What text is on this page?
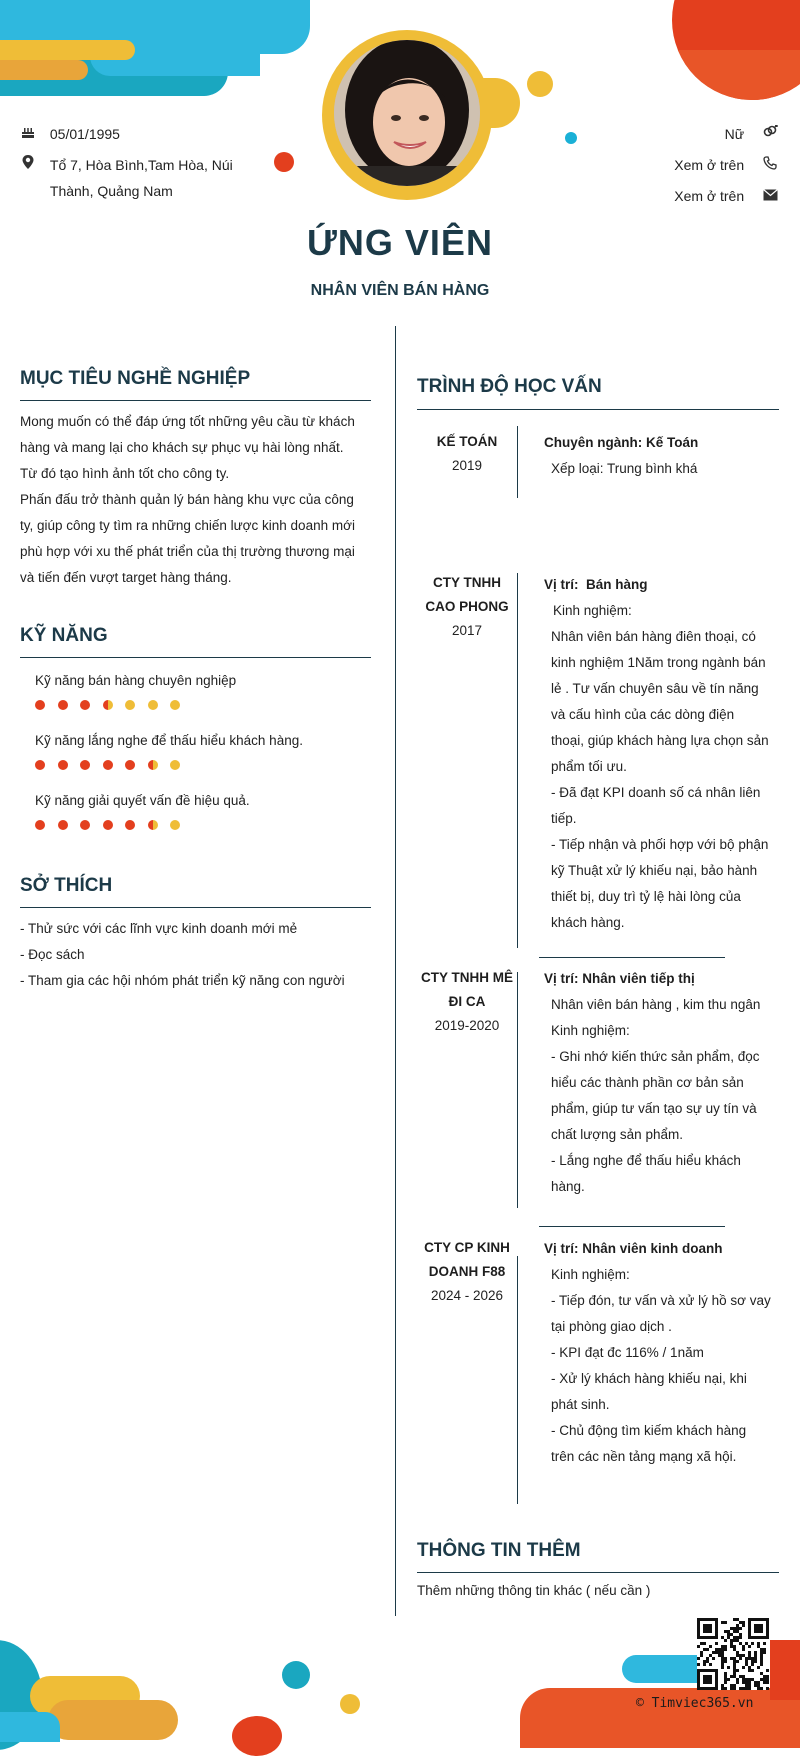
05/01/1995
Tổ 7, Hòa Bình,Tam Hòa, Núi
Thành, Quảng Nam
Nữ
Xem ở trên
Xem ở trên
ỨNG VIÊN
NHÂN VIÊN BÁN HÀNG
MỤC TIÊU NGHỀ NGHIỆP
Mong muốn có thể đáp ứng tốt những yêu cầu từ khách
hàng và mang lại cho khách sự phục vụ hài lòng nhất.
Từ đó tạo hình ảnh tốt cho công ty.
Phấn đấu trở thành quản lý bán hàng khu vực của công
ty, giúp công ty tìm ra những chiến lược kinh doanh mới
phù hợp với xu thế phát triển của thị trường thương mại
và tiến đến vượt target hàng tháng.
KỸ NĂNG
Kỹ năng bán hàng chuyên nghiệp
Kỹ năng lắng nghe để thấu hiểu khách hàng.
Kỹ năng giải quyết vấn đề hiệu quả.
SỞ THÍCH
- Thử sức với các lĩnh vực kinh doanh mới mẻ
- Đọc sách
- Tham gia các hội nhóm phát triển kỹ năng con người
TRÌNH ĐỘ HỌC VẤN
KẾ TOÁN
2019
Chuyên ngành: Kế Toán
Xếp loại: Trung bình khá
CTY TNHH
CAO PHONG
2017
Vị trí: Bán hàng
Kinh nghiệm:
Nhân viên bán hàng điên thoại, có
kinh nghiệm 1Năm trong ngành bán
lẻ . Tư vấn chuyên sâu về tín năng
và cấu hình của các dòng điện
thoại, giúp khách hàng lựa chọn sản
phẩm tối ưu.
- Đã đạt KPI doanh số cá nhân liên
tiếp.
- Tiếp nhận và phối hợp với bộ phận
kỹ Thuật xử lý khiếu nại, bảo hành
thiết bị, duy trì tỷ lệ hài lòng của
khách hàng.
CTY TNHH MÊ
ĐI CA
2019-2020
Vị trí: Nhân viên tiếp thị
Nhân viên bán hàng , kim thu ngân
Kinh nghiệm:
- Ghi nhớ kiến thức sản phẩm, đọc
hiểu các thành phần cơ bản sản
phẩm, giúp tư vấn tạo sự uy tín và
chất lượng sản phẩm.
- Lắng nghe để thấu hiểu khách
hàng.
CTY CP KINH
DOANH F88
2024 - 2026
Vị trí: Nhân viên kinh doanh
Kinh nghiệm:
- Tiếp đón, tư vấn và xử lý hồ sơ vay
tại phòng giao dịch .
- KPI đạt đc 116% / 1năm
- Xử lý khách hàng khiếu nại, khi
phát sinh.
- Chủ động tìm kiếm khách hàng
trên các nền tảng mạng xã hội.
THÔNG TIN THÊM
Thêm những thông tin khác ( nếu cần )
© Timviec365.vn
